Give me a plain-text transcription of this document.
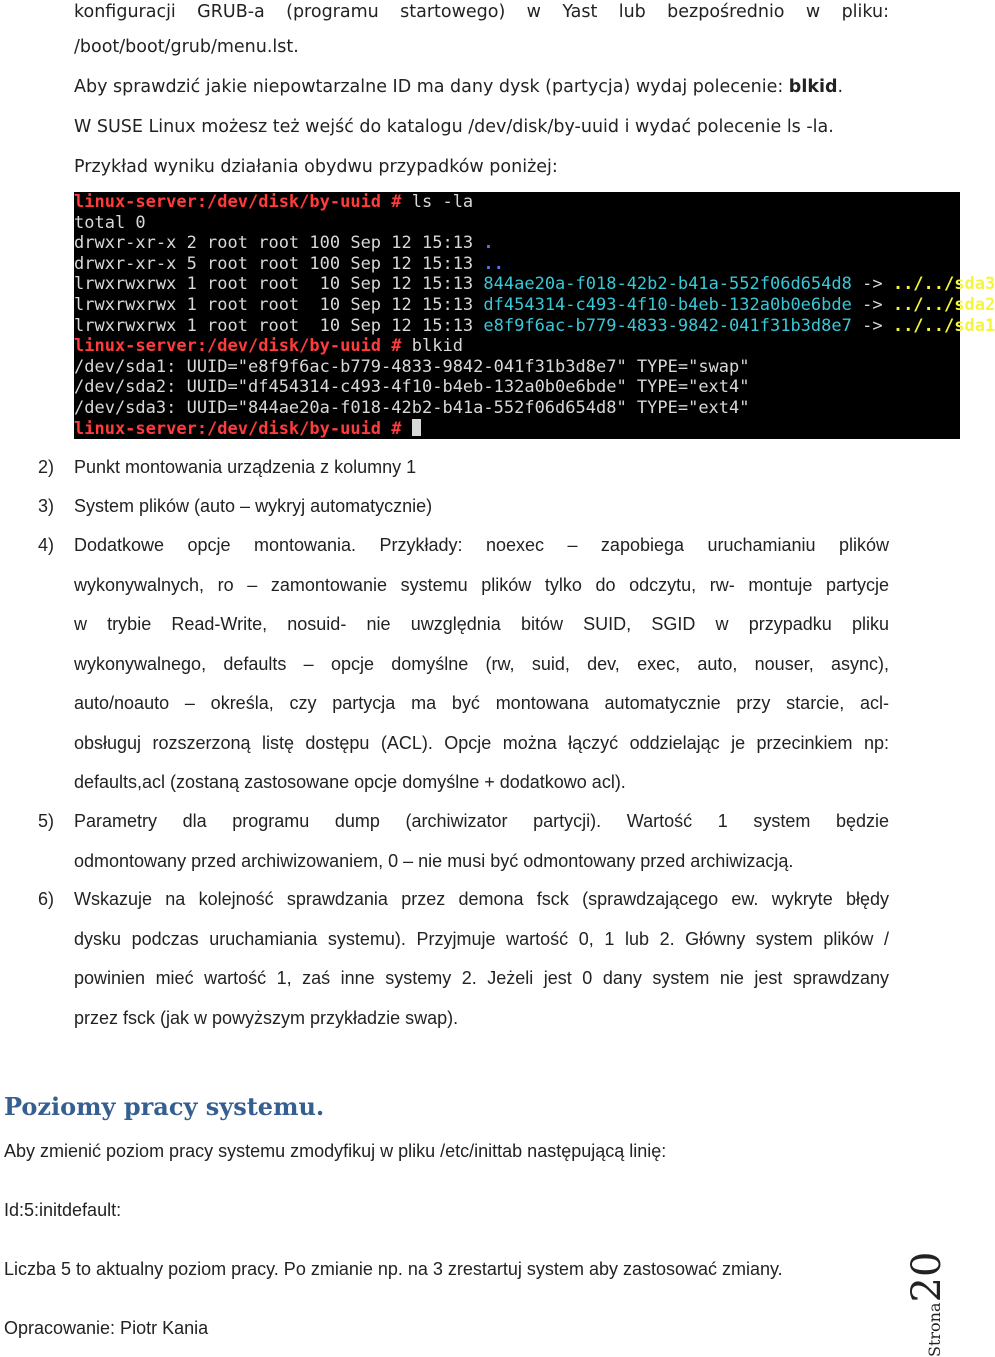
konfiguracji GRUB-a (programu startowego) w Yast lub bezpośrednio w pliku:
/boot/boot/grub/menu.lst.
Aby sprawdzić jakie niepowtarzalne ID ma dany dysk (partycja) wydaj polecenie: blkid.
W SUSE Linux możesz też wejść do katalogu /dev/disk/by-uuid i wydać polecenie ls -la.
Przykład wyniku działania obydwu przypadków poniżej:
linux-server:/dev/disk/by-uuid # ls -la
total 0
drwxr-xr-x 2 root root 100 Sep 12 15:13 .
drwxr-xr-x 5 root root 100 Sep 12 15:13 ..
lrwxrwxrwx 1 root root  10 Sep 12 15:13 844ae20a-f018-42b2-b41a-552f06d654d8 -> ../../sda3
lrwxrwxrwx 1 root root  10 Sep 12 15:13 df454314-c493-4f10-b4eb-132a0b0e6bde -> ../../sda2
lrwxrwxrwx 1 root root  10 Sep 12 15:13 e8f9f6ac-b779-4833-9842-041f31b3d8e7 -> ../../sda1
linux-server:/dev/disk/by-uuid # blkid
/dev/sda1: UUID="e8f9f6ac-b779-4833-9842-041f31b3d8e7" TYPE="swap"
/dev/sda2: UUID="df454314-c493-4f10-b4eb-132a0b0e6bde" TYPE="ext4"
/dev/sda3: UUID="844ae20a-f018-42b2-b41a-552f06d654d8" TYPE="ext4"
linux-server:/dev/disk/by-uuid #
2) Punkt montowania urządzenia z kolumny 1
3) System plików (auto – wykryj automatycznie)
4) Dodatkowe opcje montowania. Przykłady: noexec – zapobiega uruchamianiu plików
wykonywalnych, ro – zamontowanie systemu plików tylko do odczytu, rw- montuje partycje
w trybie Read-Write, nosuid- nie uwzględnia bitów SUID, SGID w przypadku pliku
wykonywalnego, defaults – opcje domyślne (rw, suid, dev, exec, auto, nouser, async),
auto/noauto – określa, czy partycja ma być montowana automatycznie przy starcie, acl-
obsługuj rozszerzoną listę dostępu (ACL). Opcje można łączyć oddzielając je przecinkiem np:
defaults,acl (zostaną zastosowane opcje domyślne + dodatkowo acl).
5) Parametry dla programu dump (archiwizator partycji). Wartość 1 system będzie
odmontowany przed archiwizowaniem, 0 – nie musi być odmontowany przed archiwizacją.
6) Wskazuje na kolejność sprawdzania przez demona fsck (sprawdzającego ew. wykryte błędy
dysku podczas uruchamiania systemu). Przyjmuje wartość 0, 1 lub 2. Główny system plików /
powinien mieć wartość 1, zaś inne systemy 2. Jeżeli jest 0 dany system nie jest sprawdzany
przez fsck (jak w powyższym przykładzie swap).
Poziomy pracy systemu.
Aby zmienić poziom pracy systemu zmodyfikuj w pliku /etc/inittab następującą linię:
Id:5:initdefault:
Liczba 5 to aktualny poziom pracy. Po zmianie np. na 3 zrestartuj system aby zastosować zmiany.
Opracowanie: Piotr Kania	Strona20
